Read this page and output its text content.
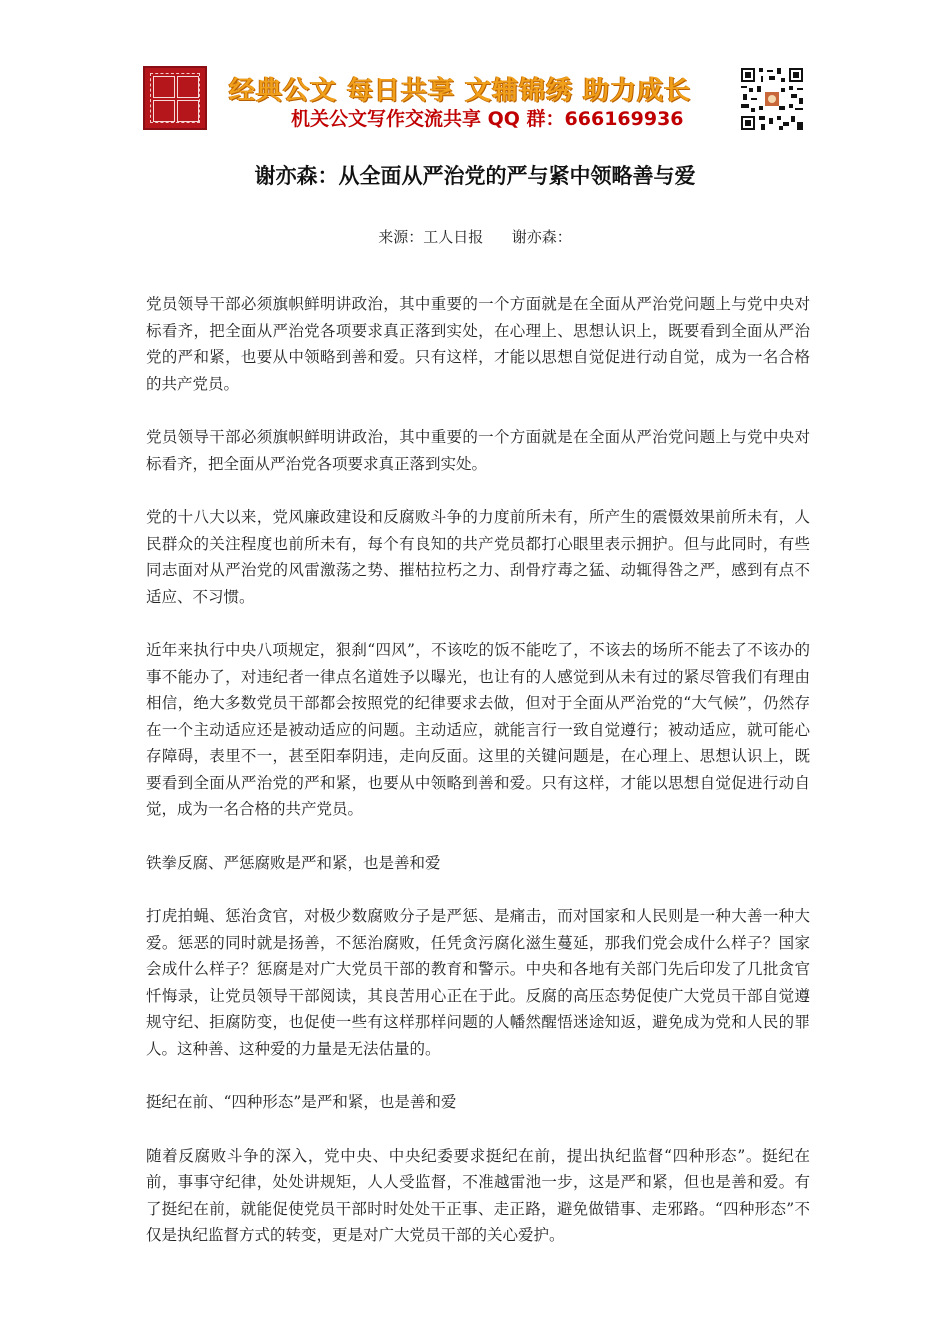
经典公文 每日共享 文辅锦绣 助力成长
机关公文写作交流共享 QQ 群：666169936
谢亦森：从全面从严治党的严与紧中领略善与爱
来源：工人日报      谢亦森：

党员领导干部必须旗帜鲜明讲政治，其中重要的一个方面就是在全面从严治党问题上与党中央对标看齐，把全面从严治党各项要求真正落到实处，在心理上、思想认识上，既要看到全面从严治党的严和紧，也要从中领略到善和爱。只有这样，才能以思想自觉促进行动自觉，成为一名合格的共产党员。

党员领导干部必须旗帜鲜明讲政治，其中重要的一个方面就是在全面从严治党问题上与党中央对标看齐，把全面从严治党各项要求真正落到实处。

党的十八大以来，党风廉政建设和反腐败斗争的力度前所未有，所产生的震慑效果前所未有，人民群众的关注程度也前所未有，每个有良知的共产党员都打心眼里表示拥护。但与此同时，有些同志面对从严治党的风雷激荡之势、摧枯拉朽之力、刮骨疗毒之猛、动辄得咎之严，感到有点不适应、不习惯。

近年来执行中央八项规定，狠刹“四风”，不该吃的饭不能吃了，不该去的场所不能去了不该办的事不能办了，对违纪者一律点名道姓予以曝光，也让有的人感觉到从未有过的紧尽管我们有理由相信，绝大多数党员干部都会按照党的纪律要求去做，但对于全面从严治党的“大气候”，仍然存在一个主动适应还是被动适应的问题。主动适应，就能言行一致自觉遵行；被动适应，就可能心存障碍，表里不一，甚至阳奉阴违，走向反面。这里的关键问题是，在心理上、思想认识上，既要看到全面从严治党的严和紧，也要从中领略到善和爱。只有这样，才能以思想自觉促进行动自觉，成为一名合格的共产党员。

铁拳反腐、严惩腐败是严和紧，也是善和爱

打虎拍蝇、惩治贪官，对极少数腐败分子是严惩、是痛击，而对国家和人民则是一种大善一种大爱。惩恶的同时就是扬善，不惩治腐败，任凭贪污腐化滋生蔓延，那我们党会成什么样子？国家会成什么样子？惩腐是对广大党员干部的教育和警示。中央和各地有关部门先后印发了几批贪官忏悔录，让党员领导干部阅读，其良苦用心正在于此。反腐的高压态势促使广大党员干部自觉遵规守纪、拒腐防变，也促使一些有这样那样问题的人幡然醒悟迷途知返，避免成为党和人民的罪人。这种善、这种爱的力量是无法估量的。

挺纪在前、“四种形态”是严和紧，也是善和爱

随着反腐败斗争的深入，党中央、中央纪委要求挺纪在前，提出执纪监督“四种形态”。挺纪在前，事事守纪律，处处讲规矩，人人受监督，不准越雷池一步，这是严和紧，但也是善和爱。有了挺纪在前，就能促使党员干部时时处处干正事、走正路，避免做错事、走邪路。“四种形态”不仅是执纪监督方式的转变，更是对广大党员干部的关心爱护。
